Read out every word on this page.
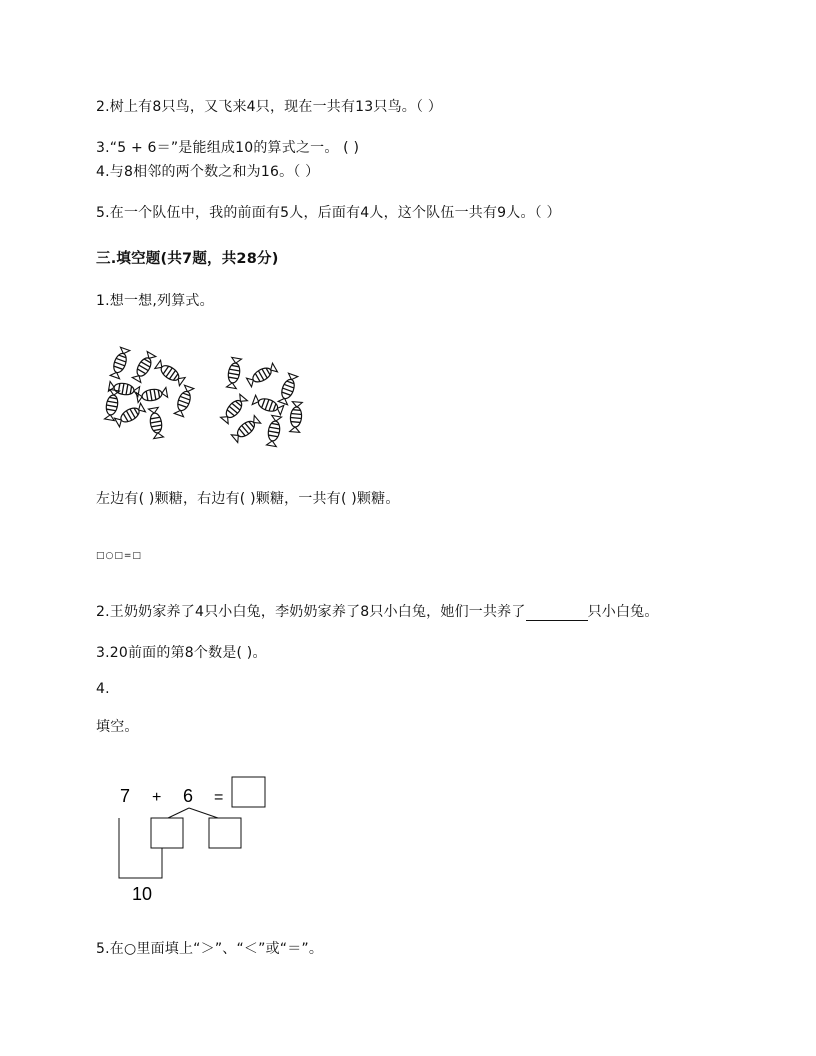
2.树上有8只鸟，又飞来4只，现在一共有13只鸟。（ ）
3.“5 + 6＝”是能组成10的算式之一。 ( )
4.与8相邻的两个数之和为16。（ ）
5.在一个队伍中，我的前面有5人，后面有4人，这个队伍一共有9人。（ ）
三.填空题(共7题，共28分)
1.想一想,列算式。
左边有( )颗糖，右边有( )颗糖，一共有( )颗糖。
□○□=□
2.王奶奶家养了4只小白兔，李奶奶家养了8只小白兔，她们一共养了	只小白兔。
3.20前面的第8个数是( )。
4.
填空。
7 + 6 =
10
5.在○里面填上“＞”、“＜”或“＝”。
